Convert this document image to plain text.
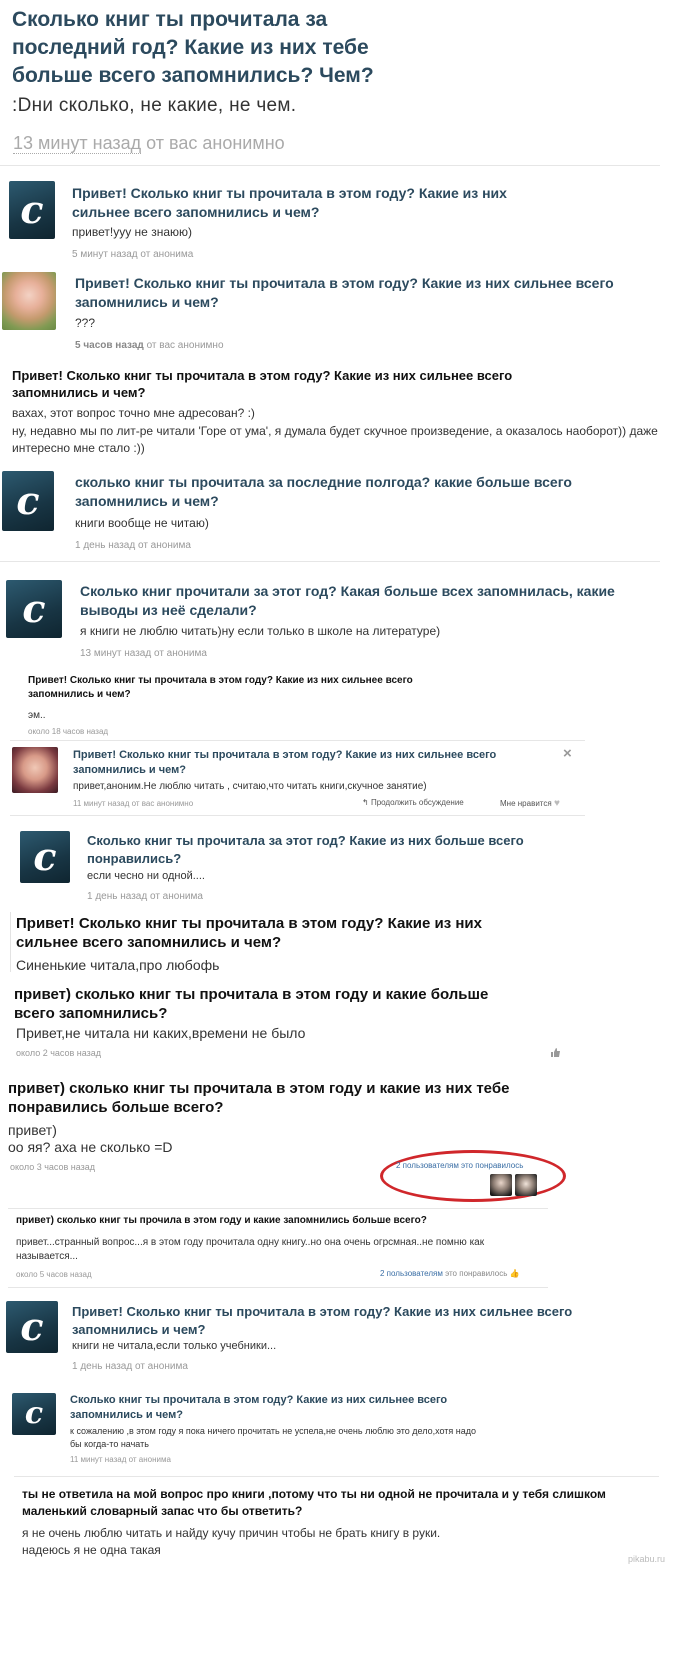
Сколько книг ты прочитала за последний год? Какие из них тебе больше всего запомнились? Чем?
:Dни сколько, не какие, не чем.
13 минут назад от вас анонимно
c Привет! Сколько книг ты прочитала в этом году? Какие из них сильнее всего запомнились и чем?
привет!ууу не знаюю)
5 минут назад от анонима
Привет! Сколько книг ты прочитала в этом году? Какие из них сильнее всего запомнились и чем?
???
5 часов назад от вас анонимно
Привет! Сколько книг ты прочитала в этом году? Какие из них сильнее всего запомнились и чем?
вахах, этот вопрос точно мне адресован? :)
ну, недавно мы по лит-ре читали 'Горе от ума', я думала будет скучное произведение, а оказалось наоборот)) даже интересно мне стало :))
c	сколько книг ты прочитала за последние полгода? какие больше всего запомнились и чем?
книги вообще не читаю)
1 день назад от анонима
c Сколько книг прочитали за этот год? Какая больше всех запомнилась, какие выводы из неё сделали?
я книги не люблю читать)ну если только в школе на литературе)
13 минут назад от анонима
Привет! Сколько книг ты прочитала в этом году? Какие из них сильнее всего запомнились и чем?
эм..
около 18 часов назад
Привет! Сколько книг ты прочитала в этом году? Какие из них сильнее всего запомнились и чем?
×
привет,аноним.Не люблю читать , считаю,что читать книги,скучное занятие)
11 минут назад от вас анонимно	↰ Продолжить обсуждение	Мне нравится ♥
c Сколько книг ты прочитала за этот год? Какие из них больше всего понравились?
если чесно ни одной....
1 день назад от анонима
Привет! Сколько книг ты прочитала в этом году? Какие из них сильнее всего запомнились и чем?
Синенькие читала,про любофь
привет) сколько книг ты прочитала в этом году и какие больше всего запомнились?
Привет,не читала ни каких,времени не было
около 2 часов назад
привет) сколько книг ты прочитала в этом году и какие из них тебе понравились больше всего?
привет)
оо яя? аха не сколько =D
около 3 часов назад	2 пользователям это понравилось
привет) сколько книг ты прочила в этом году и какие запомнились больше всего?
привет...странный вопрос...я в этом году прочитала одну книгу..но она очень огрсмная..не помню как называется...
около 5 часов назад	2 пользователям это понравилось 👍
c Привет! Сколько книг ты прочитала в этом году? Какие из них сильнее всего запомнились и чем?
книги не читала,если только учебники...
1 день назад от анонима
c Сколько книг ты прочитала в этом году? Какие из них сильнее всего запомнились и чем?
к сожалению ,в этом году я пока ничего прочитать не успела,не очень люблю это дело,хотя надо бы когда-то начать
11 минут назад от анонима
ты не ответила на мой вопрос про книги ,потому что ты ни одной не прочитала и у тебя слишком маленький словарный запас что бы ответить?
я не очень люблю читать и найду кучу причин чтобы не брать книгу в руки.
надеюсь я не одна такая
pikabu.ru
